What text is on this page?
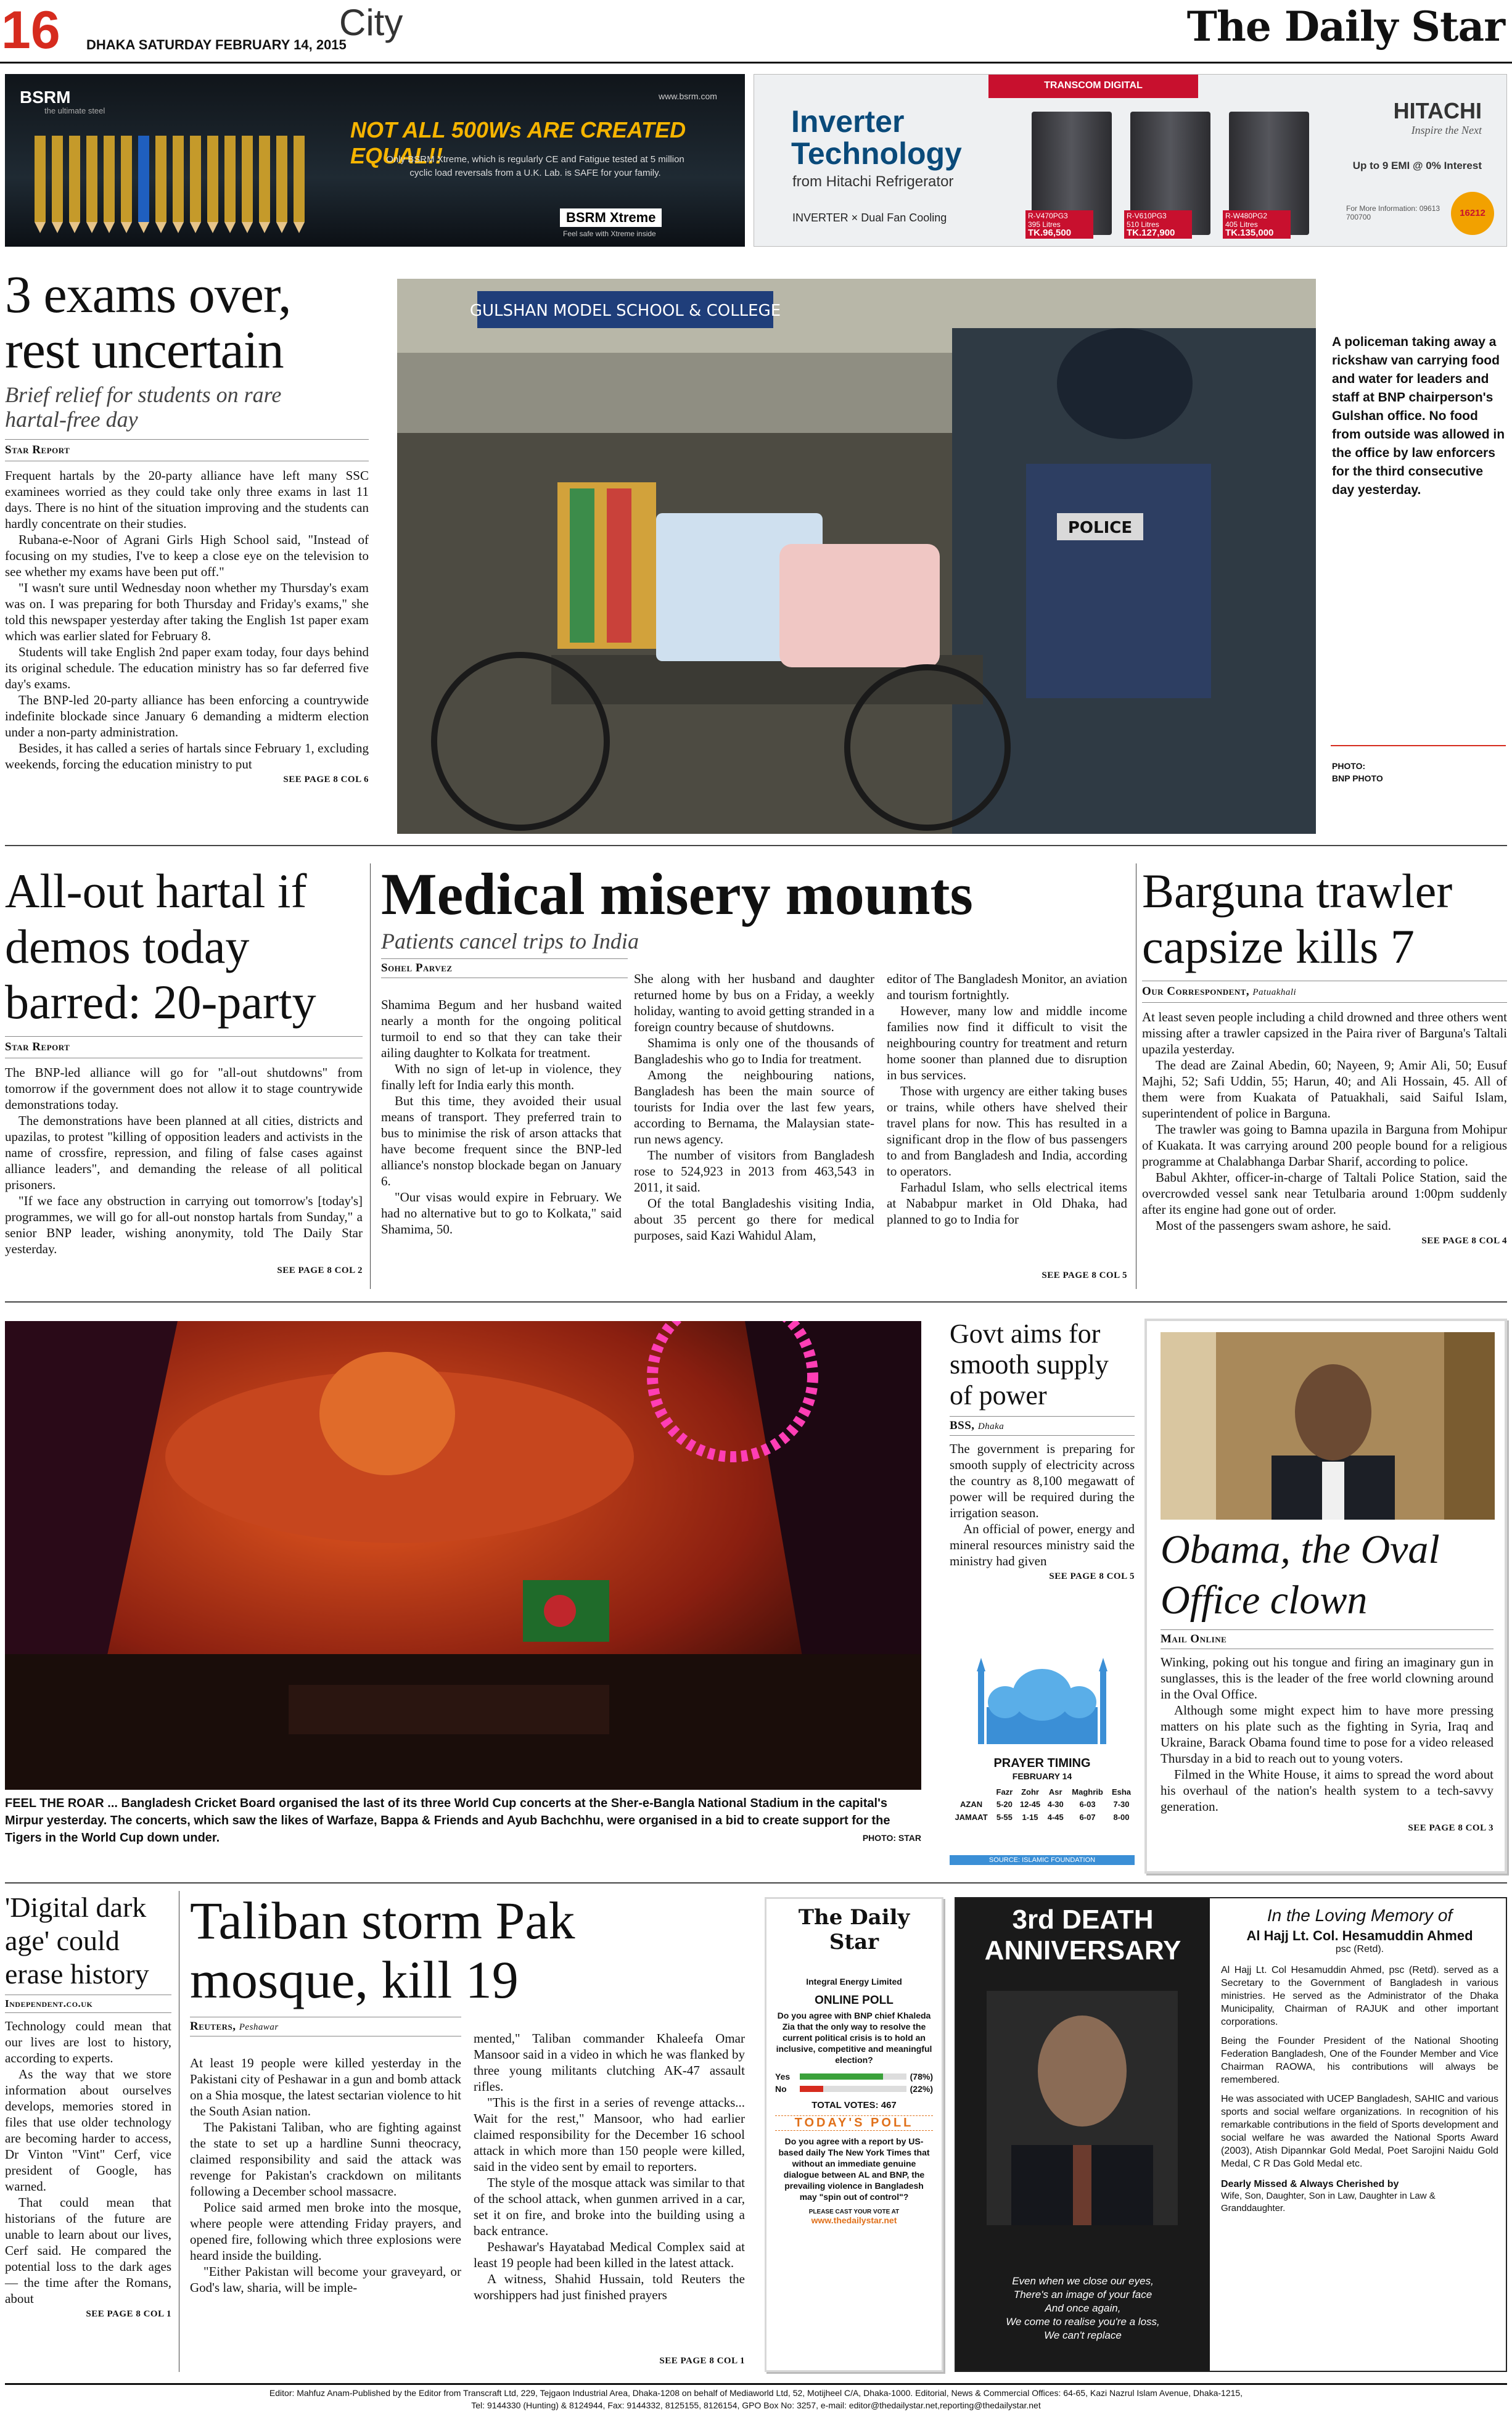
16 DHAKA SATURDAY FEBRUARY 14, 2015
City	The Daily Star
BSRM
the ultimate steel
www.bsrm.com
NOT ALL 500Ws ARE CREATED EQUAL!!
Only BSRM Xtreme, which is regularly CE and Fatigue tested at 5 million cyclic load reversals from a U.K. Lab. is SAFE for your family.
BSRM Xtreme
Feel safe with Xtreme inside
TRANSCOM DIGITAL
Inverter Technology
from Hitachi Refrigerator
INVERTER × Dual Fan Cooling	R-V470PG3
395 Litres
TK.96,500
R-V610PG3
510 Litres
TK.127,900
R-W480PG2
405 Litres
TK.135,000
HITACHI
Inspire the Next
Up to 9 EMI @ 0% Interest
For More Information: 09613 700700	16212
3 exams over, rest uncertain
Brief relief for students on rare hartal-free day
Star Report

Frequent hartals by the 20-party alliance have left many SSC examinees worried as they could take only three exams in last 11 days. There is no hint of the situation improving and the students can hardly concentrate on their studies.

Rubana-e-Noor of Agrani Girls High School said, "Instead of focusing on my studies, I've to keep a close eye on the television to see whether my exams have been put off."

"I wasn't sure until Wednesday noon whether my Thursday's exam was on. I was preparing for both Thursday and Friday's exams," she told this newspaper yesterday after taking the English 1st paper exam which was earlier slated for February 8.

Students will take English 2nd paper exam today, four days behind its original schedule. The education ministry has so far deferred five day's exams.

The BNP-led 20-party alliance has been enforcing a countrywide indefinite blockade since January 6 demanding a midterm election under a non-party administration.

Besides, it has called a series of hartals since February 1, excluding weekends, forcing the education ministry to put

SEE PAGE 8 COL 6
GULSHAN MODEL SCHOOL & COLLEGE
POLICE
A policeman taking away a rickshaw van carrying food and water for leaders and staff at BNP chairperson's Gulshan office. No food from outside was allowed in the office by law enforcers for the third consecutive day yesterday.
PHOTO:
BNP PHOTO
All-out hartal if demos today barred: 20-party
Star Report

The BNP-led alliance will go for "all-out shutdowns" from tomorrow if the government does not allow it to stage countrywide demonstrations today.

The demonstrations have been planned at all cities, districts and upazilas, to protest "killing of opposition leaders and activists in the name of crossfire, repression, and filing of false cases against alliance leaders", and demanding the release of all political prisoners.

"If we face any obstruction in carrying out tomorrow's [today's] programmes, we will go for all-out nonstop hartals from Sunday," a senior BNP leader, wishing anonymity, told The Daily Star yesterday.

SEE PAGE 8 COL 2
Medical misery mounts
Patients cancel trips to India
Sohel Parvez

Shamima Begum and her husband waited nearly a month for the ongoing political turmoil to end so that they can take their ailing daughter to Kolkata for treatment.

With no sign of let-up in violence, they finally left for India early this month.

But this time, they avoided their usual means of transport. They preferred train to bus to minimise the risk of arson attacks that have become frequent since the BNP-led alliance's nonstop blockade began on January 6.

"Our visas would expire in February. We had no alternative but to go to Kolkata," said Shamima, 50.

She along with her husband and daughter returned home by bus on a Friday, a weekly holiday, wanting to avoid getting stranded in a foreign country because of shutdowns.

Shamima is only one of the thousands of Bangladeshis who go to India for treatment.

Among the neighbouring nations, Bangladesh has been the main source of tourists for India over the last few years, according to Bernama, the Malaysian state-run news agency.

The number of visitors from Bangladesh rose to 524,923 in 2013 from 463,543 in 2011, it said.

Of the total Bangladeshis visiting India, about 35 percent go there for medical purposes, said Kazi Wahidul Alam,

editor of The Bangladesh Monitor, an aviation and tourism fortnightly.

However, many low and middle income families now find it difficult to visit the neighbouring country for treatment and return home sooner than planned due to disruption in bus services.

Those with urgency are either taking buses or trains, while others have shelved their travel plans for now. This has resulted in a significant drop in the flow of bus passengers to and from Bangladesh and India, according to operators.

Farhadul Islam, who sells electrical items at Nababpur market in Old Dhaka, had planned to go to India for

SEE PAGE 8 COL 5
Barguna trawler capsize kills 7
Our Correspondent, Patuakhali

At least seven people including a child drowned and three others went missing after a trawler capsized in the Paira river of Barguna's Taltali upazila yesterday.

The dead are Zainal Abedin, 60; Nayeen, 9; Amir Ali, 50; Eusuf Majhi, 52; Safi Uddin, 55; Harun, 40; and Ali Hossain, 45. All of them were from Kuakata of Patuakhali, said Saiful Islam, superintendent of police in Barguna.

The trawler was going to Bamna upazila in Barguna from Mohipur of Kuakata. It was carrying around 200 people bound for a religious programme at Chalabhanga Darbar Sharif, according to police.

Babul Akhter, officer-in-charge of Taltali Police Station, said the overcrowded vessel sank near Tetulbaria around 1:00pm suddenly after its engine had gone out of order.

Most of the passengers swam ashore, he said.

SEE PAGE 8 COL 4
FEEL THE ROAR ... Bangladesh Cricket Board organised the last of its three World Cup concerts at the Sher-e-Bangla National Stadium in the capital's Mirpur yesterday. The concerts, which saw the likes of Warfaze, Bappa & Friends and Ayub Bachchhu, were organised in a bid to create support for the Tigers in the World Cup down under.	PHOTO: STAR
Govt aims for smooth supply of power
BSS, Dhaka

The government is preparing for smooth supply of electricity across the country as 8,100 megawatt of power will be required during the irrigation season.

An official of power, energy and mineral resources ministry said the ministry had given

SEE PAGE 8 COL 5
PRAYER TIMING
FEBRUARY 14
	Fazr	Zohr	Asr	Maghrib	Esha
AZAN	5-20	12-45	4-30	6-03	7-30
JAMAAT	5-55	1-15	4-45	6-07	8-00
SOURCE: ISLAMIC FOUNDATION
Obama, the Oval Office clown
Mail Online

Winking, poking out his tongue and firing an imaginary gun in sunglasses, this is the leader of the free world clowning around in the Oval Office.

Although some might expect him to have more pressing matters on his plate such as the fighting in Syria, Iraq and Ukraine, Barack Obama found time to pose for a video released Thursday in a bid to reach out to young voters.

Filmed in the White House, it aims to spread the word about his overhaul of the nation's health system to a tech-savvy generation.

SEE PAGE 8 COL 3
'Digital dark age' could erase history
Independent.co.uk

Technology could mean that our lives are lost to history, according to experts.

As the way that we store information about ourselves develops, memories stored in files that use older technology are becoming harder to access, Dr Vinton "Vint" Cerf, vice president of Google, has warned.

That could mean that historians of the future are unable to learn about our lives, Cerf said. He compared the potential loss to the dark ages — the time after the Romans, about

SEE PAGE 8 COL 1
Taliban storm Pak mosque, kill 19
Reuters, Peshawar

At least 19 people were killed yesterday in the Pakistani city of Peshawar in a gun and bomb attack on a Shia mosque, the latest sectarian violence to hit the South Asian nation.

The Pakistani Taliban, who are fighting against the state to set up a hardline Sunni theocracy, claimed responsibility and said the attack was revenge for Pakistan's crackdown on militants following a December school massacre.

Police said armed men broke into the mosque, where people were attending Friday prayers, and opened fire, following which three explosions were heard inside the building.

"Either Pakistan will become your graveyard, or God's law, sharia, will be imple-

mented," Taliban commander Khaleefa Omar Mansoor said in a video in which he was flanked by three young militants clutching AK-47 assault rifles.

"This is the first in a series of revenge attacks... Wait for the rest," Mansoor, who had earlier claimed responsibility for the December 16 school attack in which more than 150 people were killed, said in the video sent by email to reporters.

The style of the mosque attack was similar to that of the school attack, when gunmen arrived in a car, set it on fire, and broke into the building using a back entrance.

Peshawar's Hayatabad Medical Complex said at least 19 people had been killed in the latest attack.

A witness, Shahid Hussain, told Reuters the worshippers had just finished prayers

SEE PAGE 8 COL 1
The Daily Star
Integral Energy Limited
ONLINE POLL
Do you agree with BNP chief Khaleda Zia that the only way to resolve the current political crisis is to hold an inclusive, competitive and meaningful election?
Yes	(78%)
No	(22%)
TOTAL VOTES: 467
TODAY'S POLL
Do you agree with a report by US-based daily The New York Times that without an immediate genuine dialogue between AL and BNP, the prevailing violence in Bangladesh may "spin out of control"?
PLEASE CAST YOUR VOTE AT
www.thedailystar.net
3rd DEATH
ANNIVERSARY
Even when we close our eyes,
There's an image of your face
And once again,
We come to realise you're a loss,
We can't replace
In the Loving Memory of
Al Hajj Lt. Col. Hesamuddin Ahmed
psc (Retd).

Al Hajj Lt. Col Hesamuddin Ahmed, psc (Retd). served as a Secretary to the Government of Bangladesh in various ministries. He served as the Administrator of the Dhaka Municipality, Chairman of RAJUK and other important corporations.

Being the Founder President of the National Shooting Federation Bangladesh, One of the Founder Member and Vice Chairman RAOWA, his contributions will always be remembered.

He was associated with UCEP Bangladesh, SAHIC and various sports and social welfare organizations. In recognition of his remarkable contributions in the field of Sports development and social welfare he was awarded the National Sports Award (2003), Atish Dipannkar Gold Medal, Poet Sarojini Naidu Gold Medal, C R Das Gold Medal etc.

Dearly Missed & Always Cherished by
Wife, Son, Daughter, Son in Law, Daughter in Law & Granddaughter.
Editor: Mahfuz Anam-Published by the Editor from Transcraft Ltd, 229, Tejgaon Industrial Area, Dhaka-1208 on behalf of Mediaworld Ltd, 52, Motijheel C/A, Dhaka-1000. Editorial, News & Commercial Offices: 64-65, Kazi Nazrul Islam Avenue, Dhaka-1215,
Tel: 9144330 (Hunting) & 8124944, Fax: 9144332, 8125155, 8126154, GPO Box No: 3257, e-mail: editor@thedailystar.net,reporting@thedailystar.net
